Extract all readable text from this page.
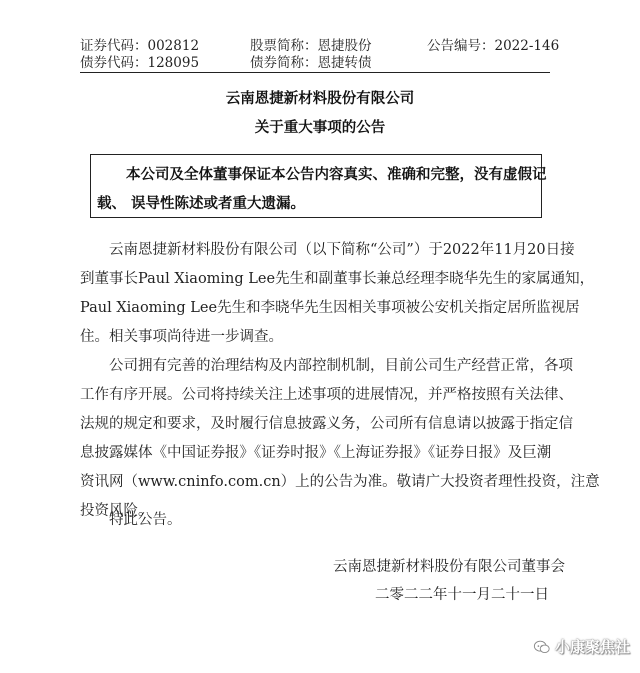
证券代码：002812
债券代码：128095
股票简称：恩捷股份
债券简称：恩捷转债
公告编号：2022-146
云南恩捷新材料股份有限公司
关于重大事项的公告
本公司及全体董事保证本公告内容真实、准确和完整，没有虚假记
载、 误导性陈述或者重大遗漏。
云南恩捷新材料股份有限公司（以下简称“公司”）于2022年11月20日接
到董事长Paul Xiaoming Lee先生和副董事长兼总经理李晓华先生的家属通知，
Paul Xiaoming Lee先生和李晓华先生因相关事项被公安机关指定居所监视居
住。相关事项尚待进一步调查。
公司拥有完善的治理结构及内部控制机制，目前公司生产经营正常，各项
工作有序开展。公司将持续关注上述事项的进展情况，并严格按照有关法律、
法规的规定和要求，及时履行信息披露义务，公司所有信息请以披露于指定信
息披露媒体《中国证券报》《证券时报》《上海证券报》《证券日报》及巨潮
资讯网（www.cninfo.com.cn）上的公告为准。敬请广大投资者理性投资，注意
投资风险。
特此公告。
云南恩捷新材料股份有限公司董事会
二零二二年十一月二十一日
小康聚焦社
